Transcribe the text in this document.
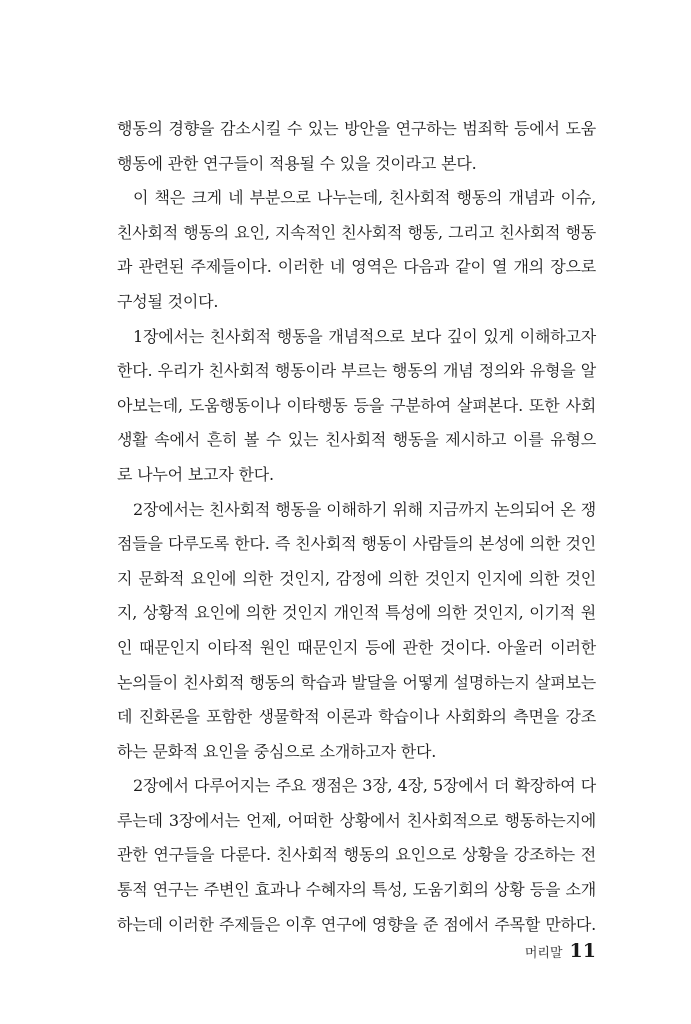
행동의 경향을 감소시킬 수 있는 방안을 연구하는 범죄학 등에서 도움
행동에 관한 연구들이 적용될 수 있을 것이라고 본다.
이 책은 크게 네 부분으로 나누는데, 친사회적 행동의 개념과 이슈,
친사회적 행동의 요인, 지속적인 친사회적 행동, 그리고 친사회적 행동
과 관련된 주제들이다. 이러한 네 영역은 다음과 같이 열 개의 장으로
구성될 것이다.
1장에서는 친사회적 행동을 개념적으로 보다 깊이 있게 이해하고자
한다. 우리가 친사회적 행동이라 부르는 행동의 개념 정의와 유형을 알
아보는데, 도움행동이나 이타행동 등을 구분하여 살펴본다. 또한 사회
생활 속에서 흔히 볼 수 있는 친사회적 행동을 제시하고 이를 유형으
로 나누어 보고자 한다.
2장에서는 친사회적 행동을 이해하기 위해 지금까지 논의되어 온 쟁
점들을 다루도록 한다. 즉 친사회적 행동이 사람들의 본성에 의한 것인
지 문화적 요인에 의한 것인지, 감정에 의한 것인지 인지에 의한 것인
지, 상황적 요인에 의한 것인지 개인적 특성에 의한 것인지, 이기적 원
인 때문인지 이타적 원인 때문인지 등에 관한 것이다. 아울러 이러한
논의들이 친사회적 행동의 학습과 발달을 어떻게 설명하는지 살펴보는
데 진화론을 포함한 생물학적 이론과 학습이나 사회화의 측면을 강조
하는 문화적 요인을 중심으로 소개하고자 한다.
2장에서 다루어지는 주요 쟁점은 3장, 4장, 5장에서 더 확장하여 다
루는데 3장에서는 언제, 어떠한 상황에서 친사회적으로 행동하는지에
관한 연구들을 다룬다. 친사회적 행동의 요인으로 상황을 강조하는 전
통적 연구는 주변인 효과나 수혜자의 특성, 도움기회의 상황 등을 소개
하는데 이러한 주제들은 이후 연구에 영향을 준 점에서 주목할 만하다.
머리말 11
